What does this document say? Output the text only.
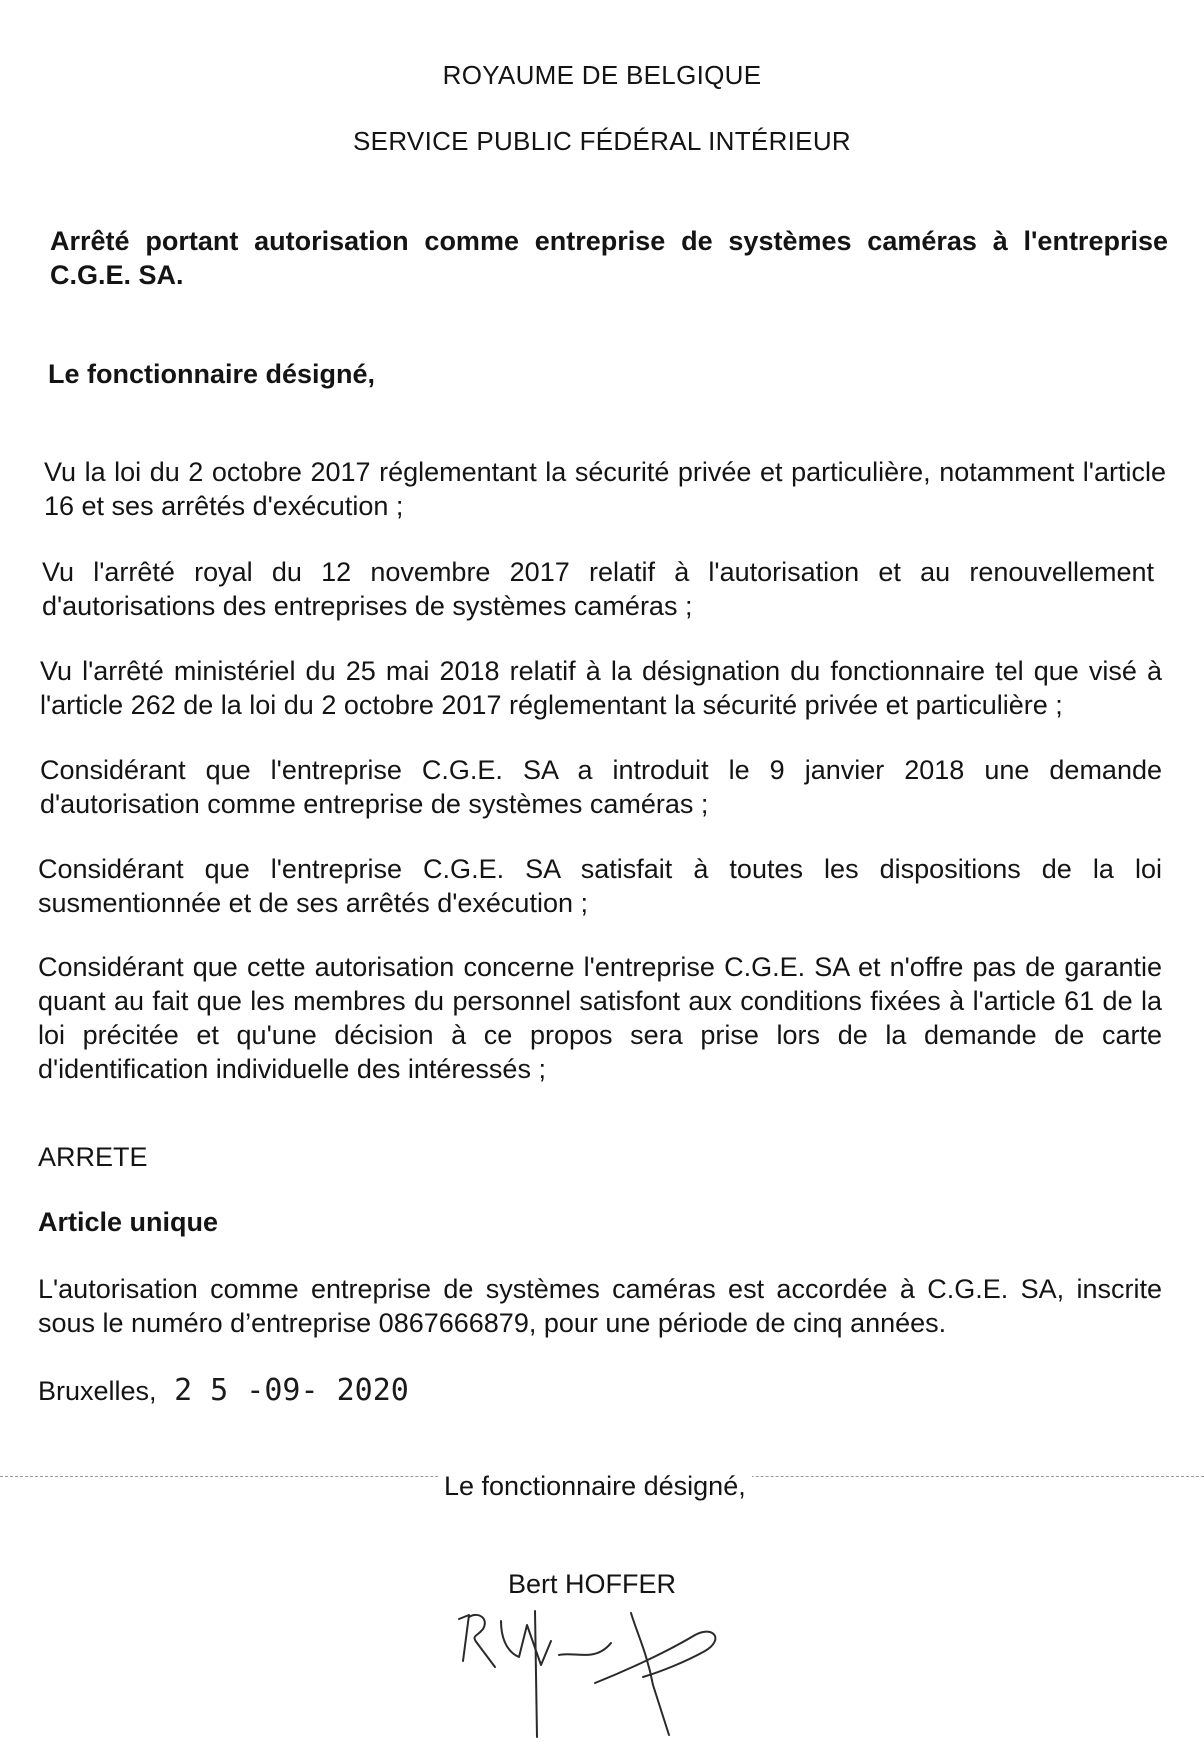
ROYAUME DE BELGIQUE
SERVICE PUBLIC FÉDÉRAL INTÉRIEUR
Arrêté portant autorisation comme entreprise de systèmes caméras à l'entreprise C.G.E. SA.
Le fonctionnaire désigné,
Vu la loi du 2 octobre 2017 réglementant la sécurité privée et particulière, notamment l'article 16 et ses arrêtés d'exécution ;
Vu l'arrêté royal du 12 novembre 2017 relatif à l'autorisation et au renouvellement d'autorisations des entreprises de systèmes caméras ;
Vu l'arrêté ministériel du 25 mai 2018 relatif à la désignation du fonctionnaire tel que visé à l'article 262 de la loi du 2 octobre 2017 réglementant la sécurité privée et particulière ;
Considérant que l'entreprise C.G.E. SA a introduit le 9 janvier 2018 une demande d'autorisation comme entreprise de systèmes caméras ;
Considérant que l'entreprise C.G.E. SA satisfait à toutes les dispositions de la loi susmentionnée et de ses arrêtés d'exécution ;
Considérant que cette autorisation concerne l'entreprise C.G.E. SA et n'offre pas de garantie quant au fait que les membres du personnel satisfont aux conditions fixées à l'article 61 de la loi précitée et qu'une décision à ce propos sera prise lors de la demande de carte d'identification individuelle des intéressés ;
ARRETE
Article unique
L'autorisation comme entreprise de systèmes caméras est accordée à C.G.E. SA, inscrite sous le numéro d’entreprise 0867666879, pour une période de cinq années.
Bruxelles, 2 5 -09- 2020
Le fonctionnaire désigné,
Bert HOFFER
